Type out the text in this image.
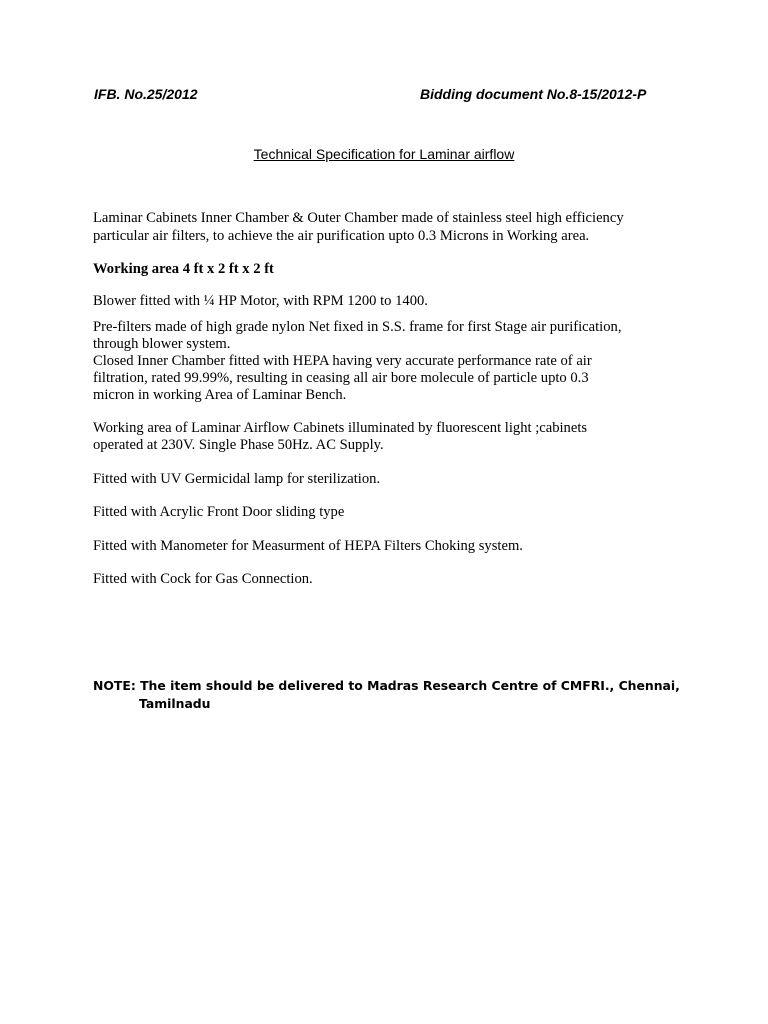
IFB. No.25/2012	Bidding document No.8-15/2012-P
Technical Specification for Laminar airflow
Laminar Cabinets Inner Chamber & Outer Chamber made of stainless steel high efficiency
particular air filters, to achieve the air purification upto 0.3 Microns in Working area.
Working area 4 ft x 2 ft x 2 ft
Blower fitted with ¼ HP Motor, with RPM 1200 to 1400.
Pre-filters made of high grade nylon Net fixed in S.S. frame for first Stage air purification,
through blower system.
Closed Inner Chamber fitted with HEPA having very accurate performance rate of air
filtration, rated 99.99%, resulting in ceasing all air bore molecule of particle upto 0.3
micron in working Area of Laminar Bench.
Working area of Laminar Airflow Cabinets illuminated by fluorescent light ;cabinets
operated at 230V. Single Phase 50Hz. AC Supply.
Fitted with UV Germicidal lamp for sterilization.
Fitted with Acrylic Front Door sliding type
Fitted with Manometer for Measurment of HEPA Filters Choking system.
Fitted with Cock for Gas Connection.
NOTE: The item should be delivered to Madras Research Centre of CMFRI., Chennai,
Tamilnadu
